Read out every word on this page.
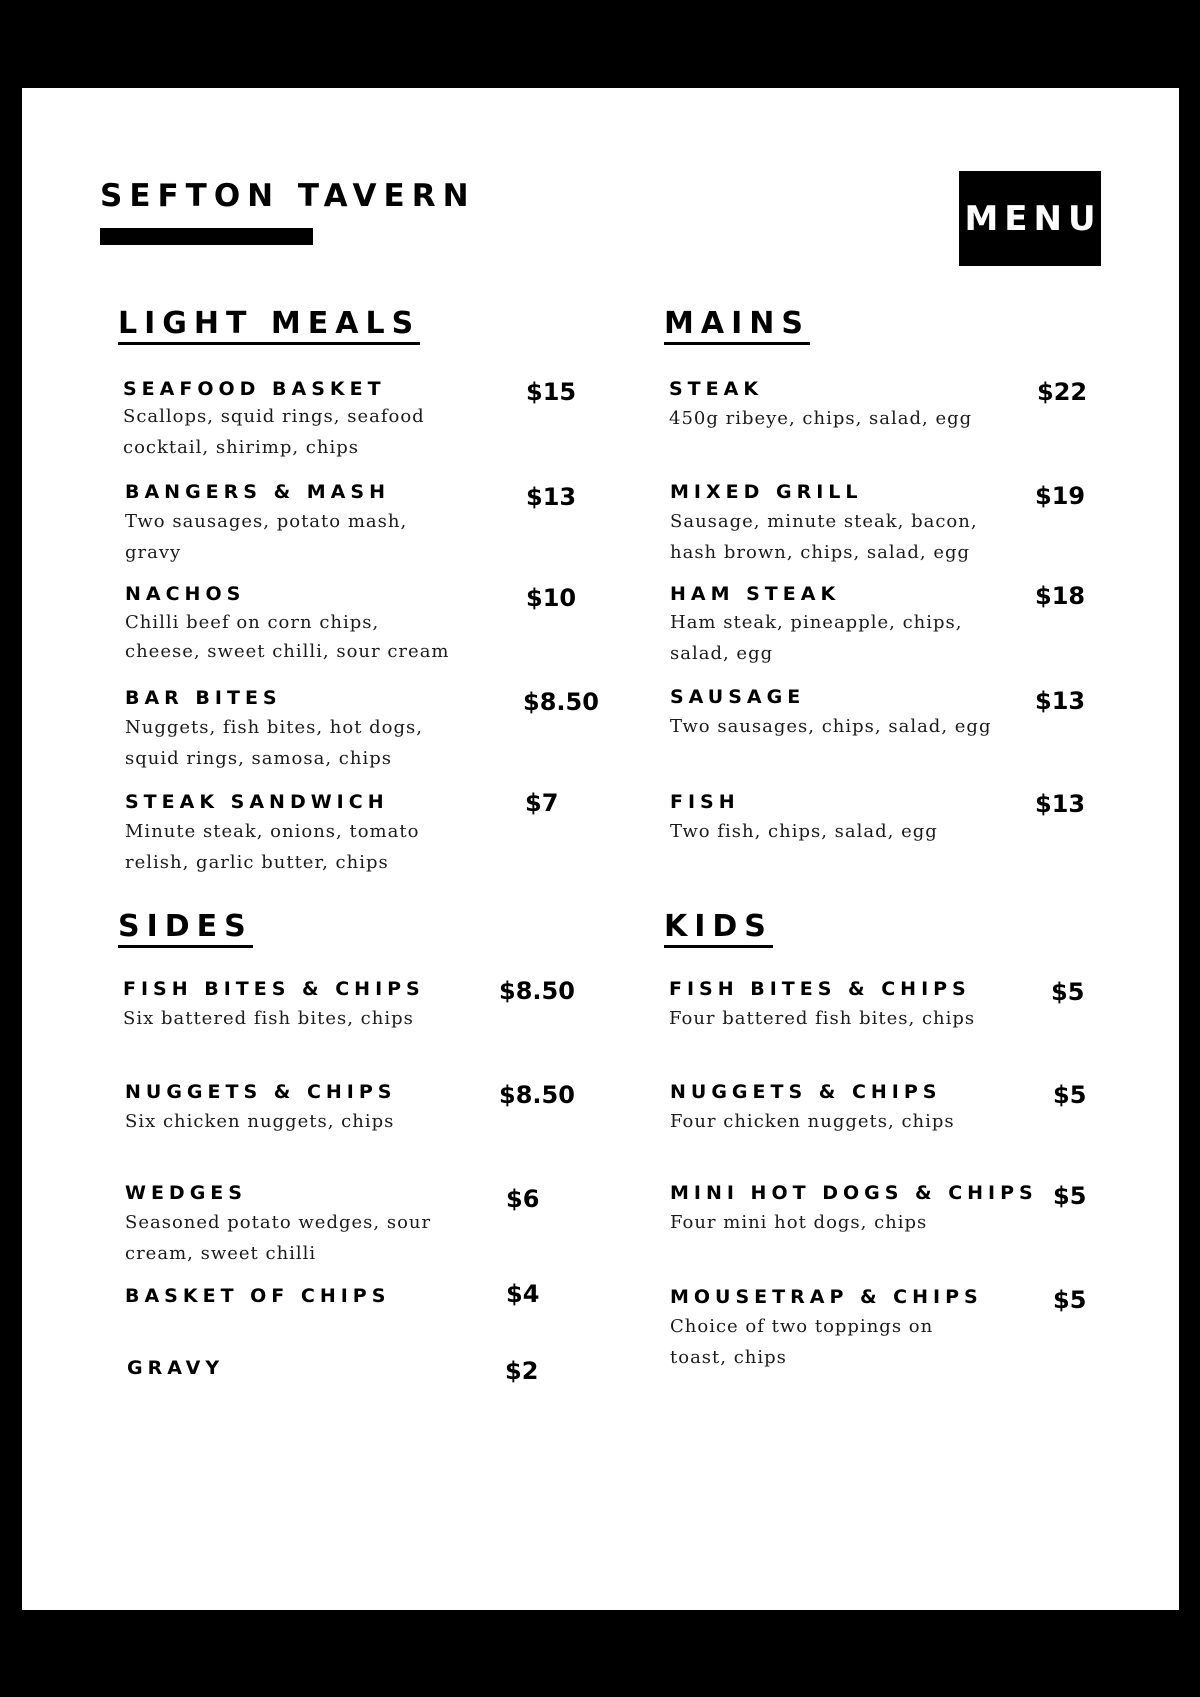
SEFTON TAVERN
MENU
LIGHT MEALS
SEAFOOD BASKET
Scallops, squid rings, seafood
cocktail, shirimp, chips
$15
BANGERS & MASH
Two sausages, potato mash,
gravy
$13
NACHOS
Chilli beef on corn chips,
cheese, sweet chilli, sour cream
$10
BAR BITES
Nuggets, fish bites, hot dogs,
squid rings, samosa, chips
$8.50
STEAK SANDWICH
Minute steak, onions, tomato
relish, garlic butter, chips
$7
MAINS
STEAK
450g ribeye, chips, salad, egg
$22
MIXED GRILL
Sausage, minute steak, bacon,
hash brown, chips, salad, egg
$19
HAM STEAK
Ham steak, pineapple, chips,
salad, egg
$18
SAUSAGE
Two sausages, chips, salad, egg
$13
FISH
Two fish, chips, salad, egg
$13
SIDES
FISH BITES & CHIPS
Six battered fish bites, chips
$8.50
NUGGETS & CHIPS
Six chicken nuggets, chips
$8.50
WEDGES
Seasoned potato wedges, sour
cream, sweet chilli
$6
BASKET OF CHIPS	$4
GRAVY	$2
KIDS
FISH BITES & CHIPS
Four battered fish bites, chips
$5
NUGGETS & CHIPS
Four chicken nuggets, chips
$5
MINI HOT DOGS & CHIPS
Four mini hot dogs, chips
$5
MOUSETRAP & CHIPS
Choice of two toppings on
toast, chips
$5
